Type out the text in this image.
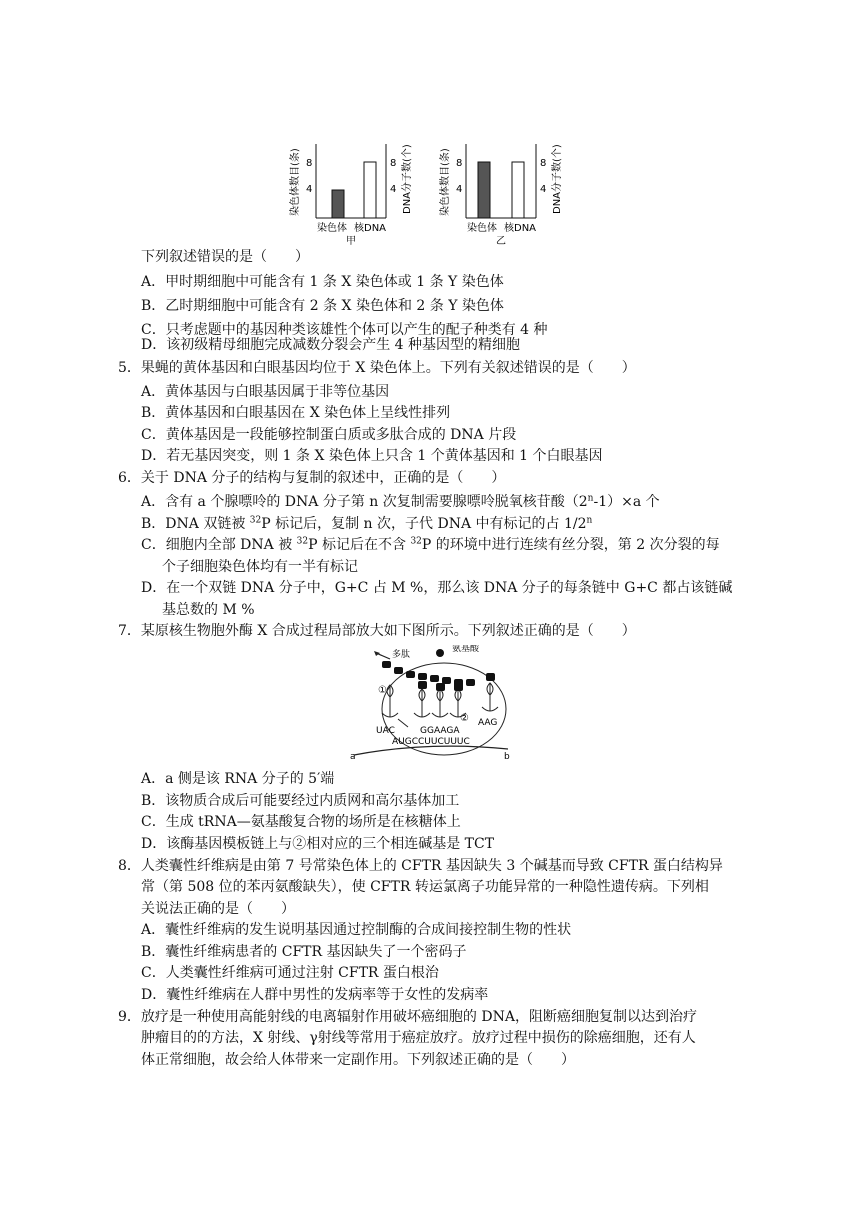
染色体数目(条) 8
4
8
4
染色体 核DNA
甲
DNA分子数(个)	染色体数目(条) 8
4
8
4
染色体 核DNA
乙
DNA分子数(个)
下列叙述错误的是（　　）
A．甲时期细胞中可能含有 1 条 X 染色体或 1 条 Y 染色体
B．乙时期细胞中可能含有 2 条 X 染色体和 2 条 Y 染色体
C．只考虑题中的基因种类该雄性个体可以产生的配子种类有 4 种
D．该初级精母细胞完成减数分裂会产生 4 种基因型的精细胞
5．果蝇的黄体基因和白眼基因均位于 X 染色体上。下列有关叙述错误的是（　　）
A．黄体基因与白眼基因属于非等位基因
B．黄体基因和白眼基因在 X 染色体上呈线性排列
C．黄体基因是一段能够控制蛋白质或多肽合成的 DNA 片段
D．若无基因突变，则 1 条 X 染色体上只含 1 个黄体基因和 1 个白眼基因
6．关于 DNA 分子的结构与复制的叙述中，正确的是（　　）
A．含有 a 个腺嘌呤的 DNA 分子第 n 次复制需要腺嘌呤脱氧核苷酸$(2^n-1)\times a$ 个
B．DNA 双链被 $^{32}$P 标记后，复制 n 次，子代 DNA 中有标记的占 1/2$^n$
C．细胞内全部 DNA 被 $^{32}$P 标记后在不含 $^{32}$P 的环境中进行连续有丝分裂，第 2 次分裂的每
个子细胞染色体均有一半有标记
D．在一个双链 DNA 分子中，G+C 占 M %，那么该 DNA 分子的每条链中 G+C 都占该链碱
基总数的 M %
7．某原核生物胞外酶 X 合成过程局部放大如下图所示。下列叙述正确的是（　　）
多肽
氨基酸
①
②
UAC	GGAAGA
AAG
AUGCCUUCUUUC
a	b
A．a 侧是该 RNA 分子的 5′端
B．该物质合成后可能要经过内质网和高尔基体加工
C．生成 tRNA—氨基酸复合物的场所是在核糖体上
D．该酶基因模板链上与②相对应的三个相连碱基是 TCT
8．人类囊性纤维病是由第 7 号常染色体上的 CFTR 基因缺失 3 个碱基而导致 CFTR 蛋白结构异
常（第 508 位的苯丙氨酸缺失），使 CFTR 转运氯离子功能异常的一种隐性遗传病。下列相
关说法正确的是（　　）
A．囊性纤维病的发生说明基因通过控制酶的合成间接控制生物的性状
B．囊性纤维病患者的 CFTR 基因缺失了一个密码子
C．人类囊性纤维病可通过注射 CFTR 蛋白根治
D．囊性纤维病在人群中男性的发病率等于女性的发病率
9．放疗是一种使用高能射线的电离辐射作用破坏癌细胞的 DNA，阻断癌细胞复制以达到治疗
肿瘤目的的方法，X 射线、γ射线等常用于癌症放疗。放疗过程中损伤的除癌细胞，还有人
体正常细胞，故会给人体带来一定副作用。下列叙述正确的是（　　）
